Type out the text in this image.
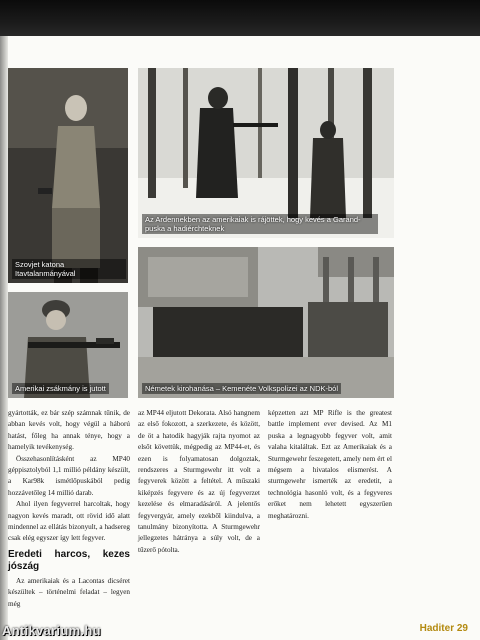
Szovjet katona Itavtalanmányával
Az Ardennekben az amerikaiak is rájöttek, hogy kevés a Garand-puska a hadiérchteknek
Amerikai zsákmány is jutott	Németek kirohanása – Kemenéte Volkspolizei az NDK-ból

gyártották, ez bár szép számnak tűnik, de abban kevés volt, hogy végül a háború hatást, főleg ha annak ténye, hogy a hamelyik tevékenység.

Összehasonlításként az MP40 géppisztolyból 1,1 millió példány készült, a Kar98k ismétlőpuskából pedig hozzávetőleg 14 millió darab.

Ahol ilyen fegyverrel harcoltak, hogy nagyon kevés maradt, ott rövid idő alatt mindennel az ellátás bizonyult, a hadsereg csak elég egyszer így lett fegyver.

Eredeti harcos, kezes jószág

Az amerikaiak és a Lacontas dicséret készültek – történelmi feladat – legyen még

az MP44 eljutott Dekorata. Alsó hangnem az első fokozott, a szerkezete, és között, de öt a hatodik hagyják rajta nyomot az elsőt követtük, mégpedig az MP44-et, és ezen is folyamatosan dolgoztak, rendszeres a Sturmgewehr itt volt a fegyverek között a feltétel. A műszaki kiképzés fegyvere és az új fegyverzet kezelése és elmaradásáról. A jelentős fegyvergyár, amely ezekből kiindulva, a tanulmány bizonyította. A Sturmgewehr jellegzetes hátránya a súly volt, de a tűzerő pótolta.

képzetten azt MP Rifle is the greatest battle implement ever devised. Az M1 puska a legnagyobb fegyver volt, amit valaha kitaláltak. Ezt az Amerikaiak és a Sturmgewehr feszegetett, amely nem ért el mégsem a hivatalos elismerést. A sturmgewehr ismerték az eredetit, a technológia hasonló volt, és a fegyveres erőket nem lehetett egyszerűen meghatározni.

Haditer 29
Antikvarium.hu
